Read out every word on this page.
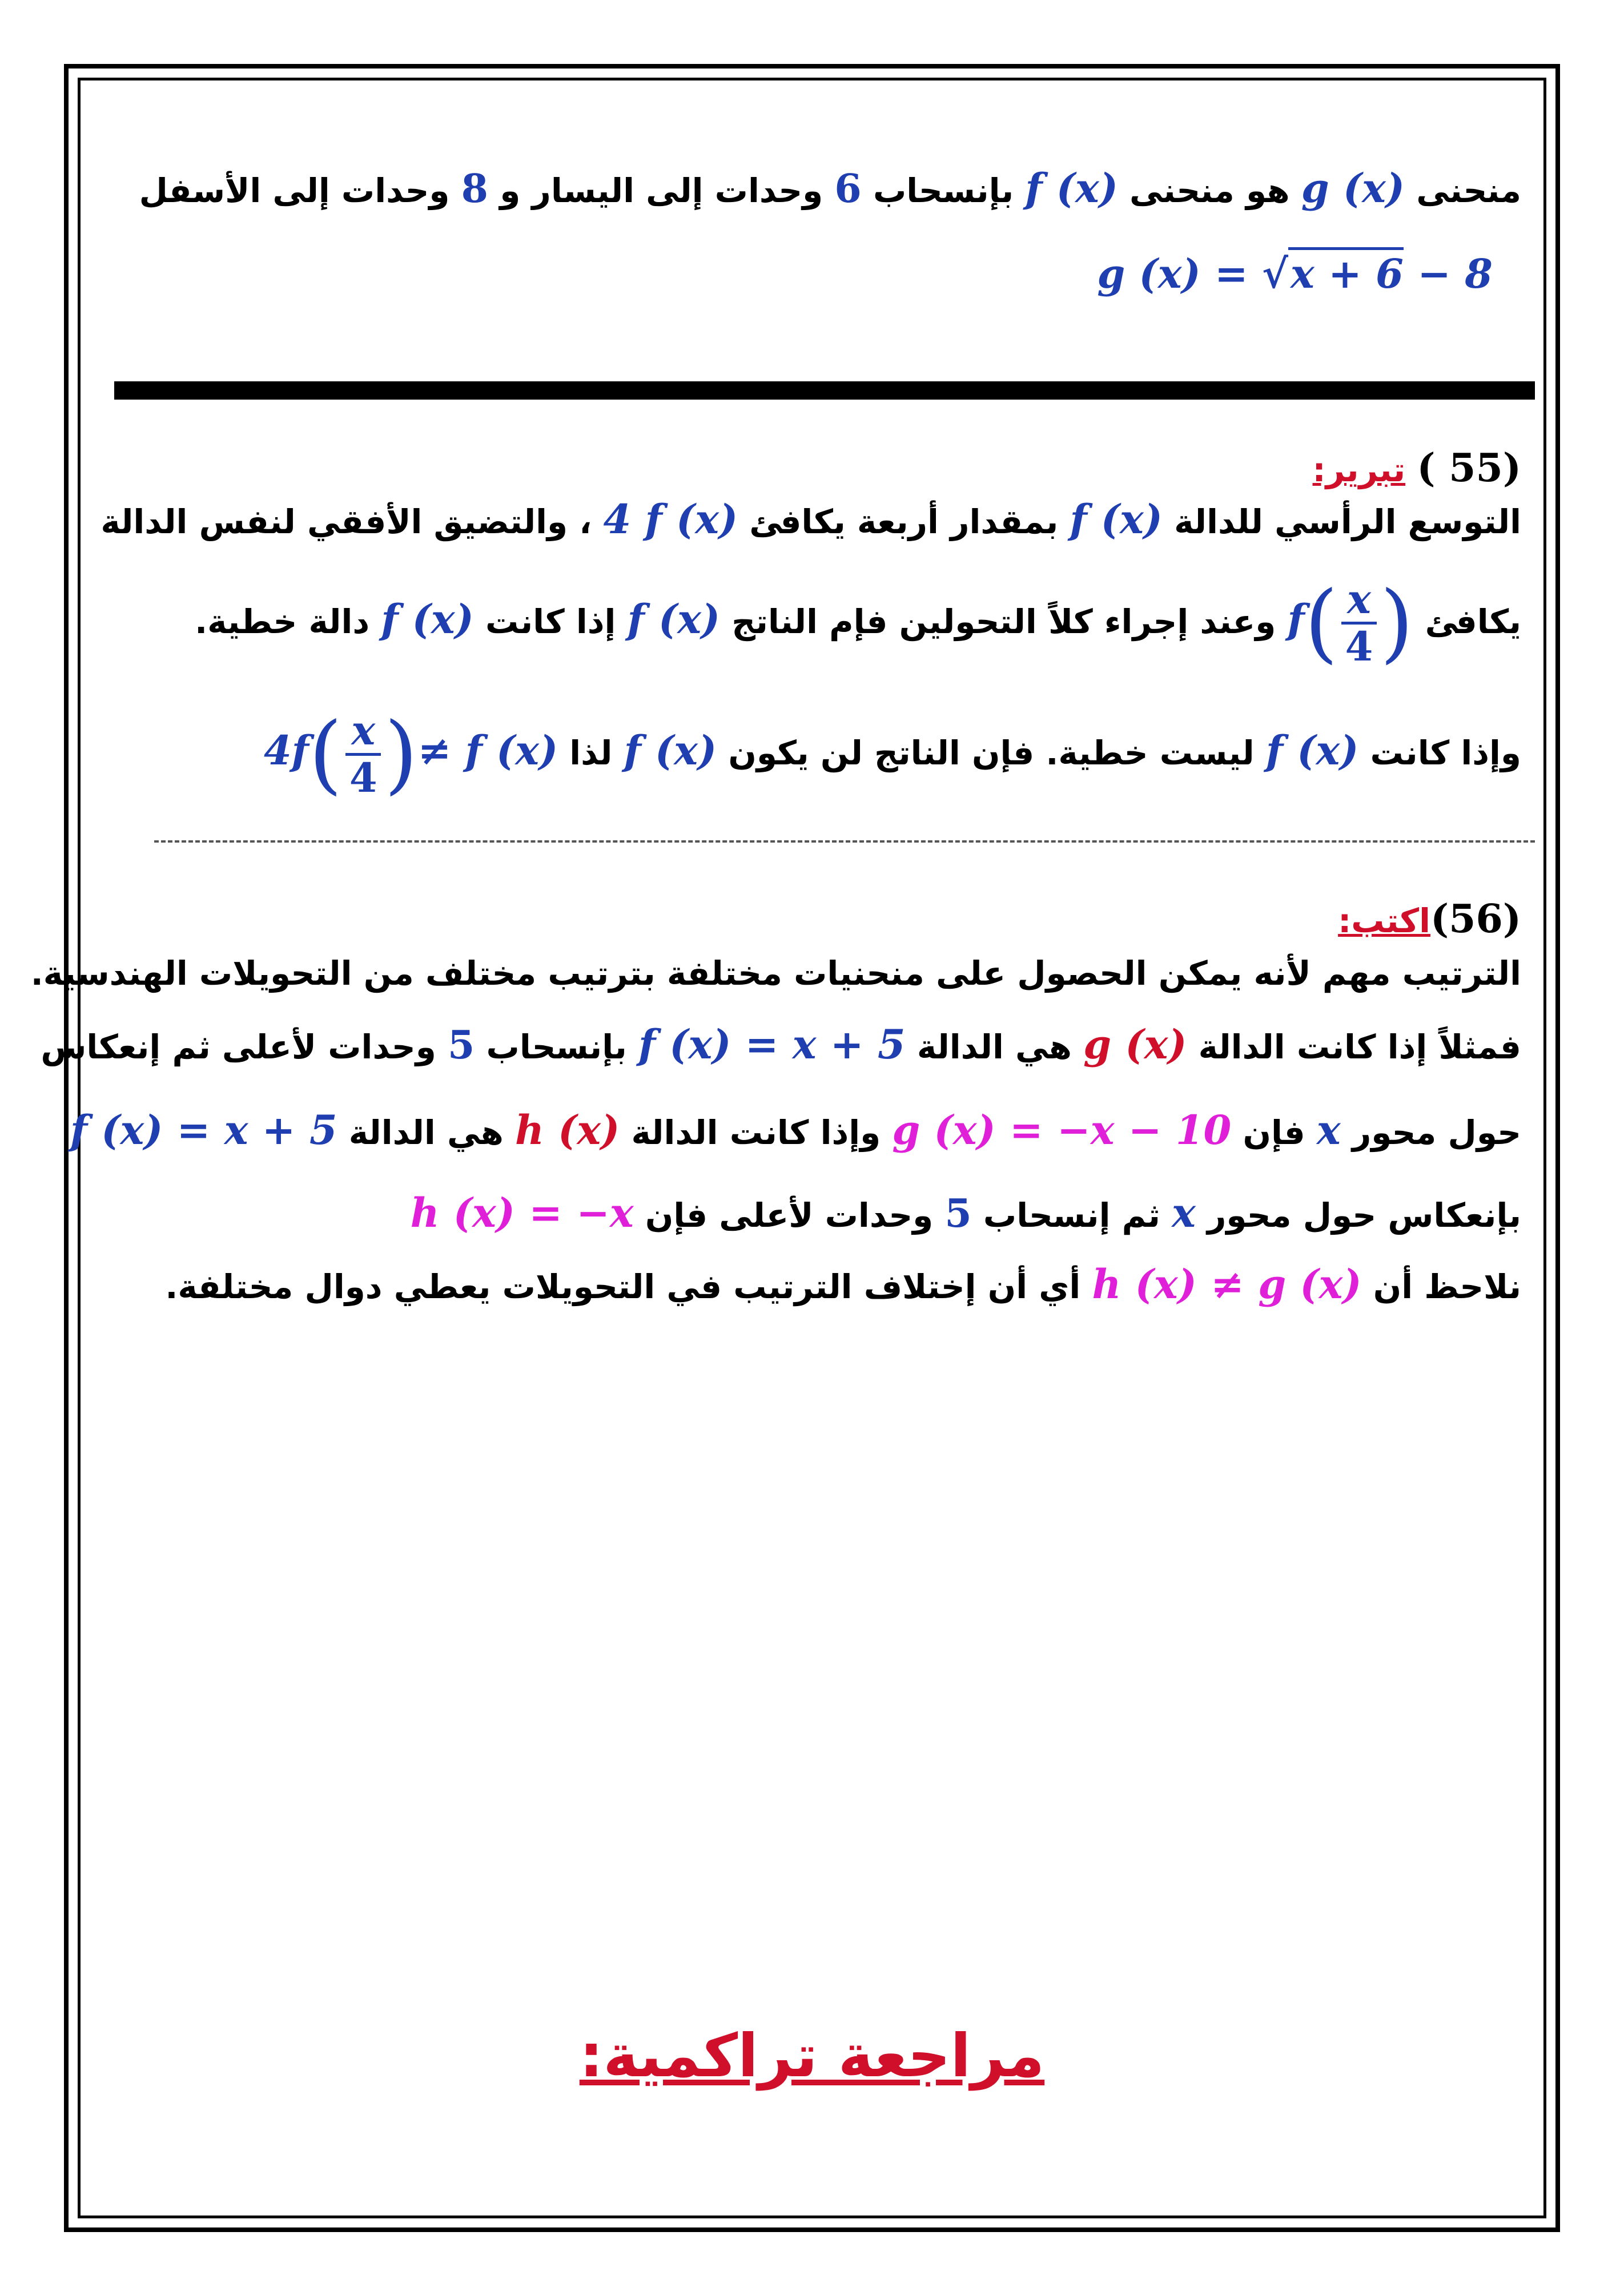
منحنى g (x) هو منحنى f (x) بإنسحاب 6 وحدات إلى اليسار و 8 وحدات إلى الأسفل
g (x) = √x + 6 − 8
(55 ) تبرير:
التوسع الرأسي للدالة f (x) بمقدار أربعة يكافئ 4 f (x) ، والتضيق الأفقي لنفس الدالة
يكافئ $f( \frac{x}{4}$ ) وعند إجراء كلاً التحولين فإم الناتج f (x) إذا كانت f (x) دالة خطية.
وإذا كانت f (x) ليست خطية. فإن الناتج لن يكون f (x) لذا $4f( \frac{x}{4}$ )≠ f (x)
(56)اكتب:
الترتيب مهم لأنه يمكن الحصول على منحنيات مختلفة بترتيب مختلف من التحويلات الهندسية.
فمثلاً إذا كانت الدالة g (x) هي الدالة f (x) = x + 5 بإنسحاب 5 وحدات لأعلى ثم إنعكاس
حول محور x فإن g (x) = −x − 10 وإذا كانت الدالة h (x) هي الدالة f (x) = x + 5
بإنعكاس حول محور x ثم إنسحاب 5 وحدات لأعلى فإن h (x) = −x
نلاحظ أن h (x) ≠ g (x) أي أن إختلاف الترتيب في التحويلات يعطي دوال مختلفة.
مراجعة تراكمية:
